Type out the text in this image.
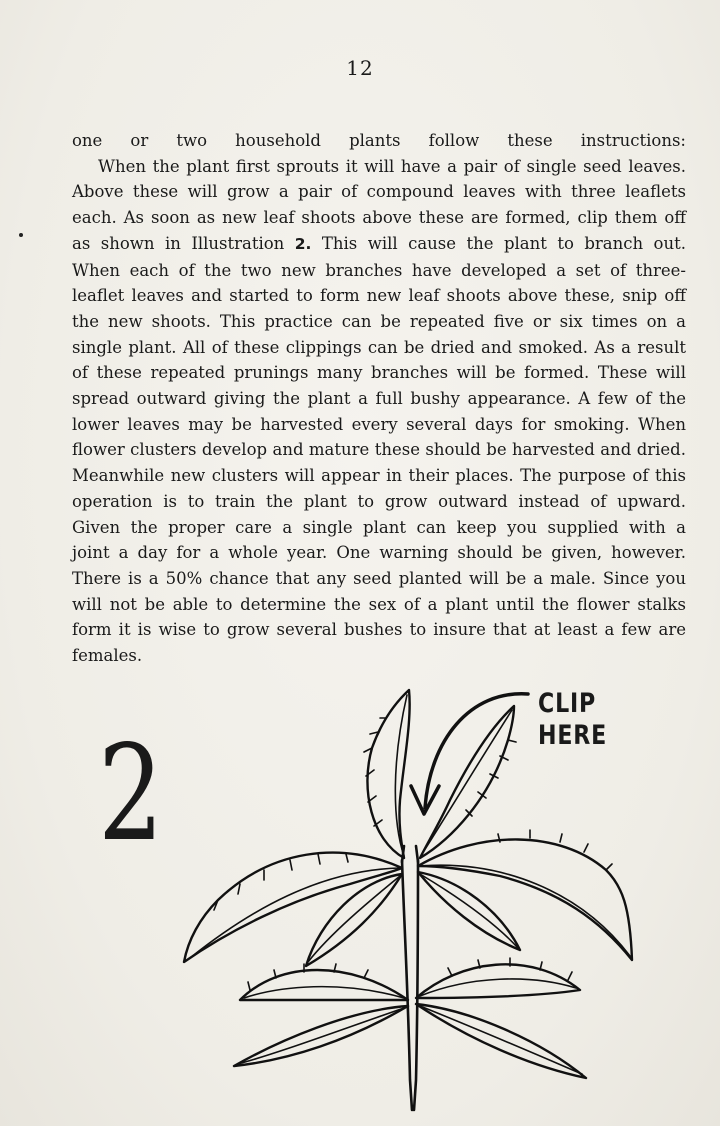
12
one or two household plants follow these instructions:
When the plant first sprouts it will have a pair of single seed leaves.
Above these will grow a pair of compound leaves with three leaflets
each. As soon as new leaf shoots above these are formed, clip them off
as shown in Illustration 2. This will cause the plant to branch out.
When each of the two new branches have developed a set of three-
leaflet leaves and started to form new leaf shoots above these, snip off
the new shoots. This practice can be repeated five or six times on a
single plant. All of these clippings can be dried and smoked. As a result
of these repeated prunings many branches will be formed. These will
spread outward giving the plant a full bushy appearance. A few of the
lower leaves may be harvested every several days for smoking. When
flower clusters develop and mature these should be harvested and dried.
Meanwhile new clusters will appear in their places. The purpose of this
operation is to train the plant to grow outward instead of upward.
Given the proper care a single plant can keep you supplied with a
joint a day for a whole year. One warning should be given, however.
There is a 50% chance that any seed planted will be a male. Since you
will not be able to determine the sex of a plant until the flower stalks
form it is wise to grow several bushes to insure that at least a few are
females.
2
CLIP
HERE
